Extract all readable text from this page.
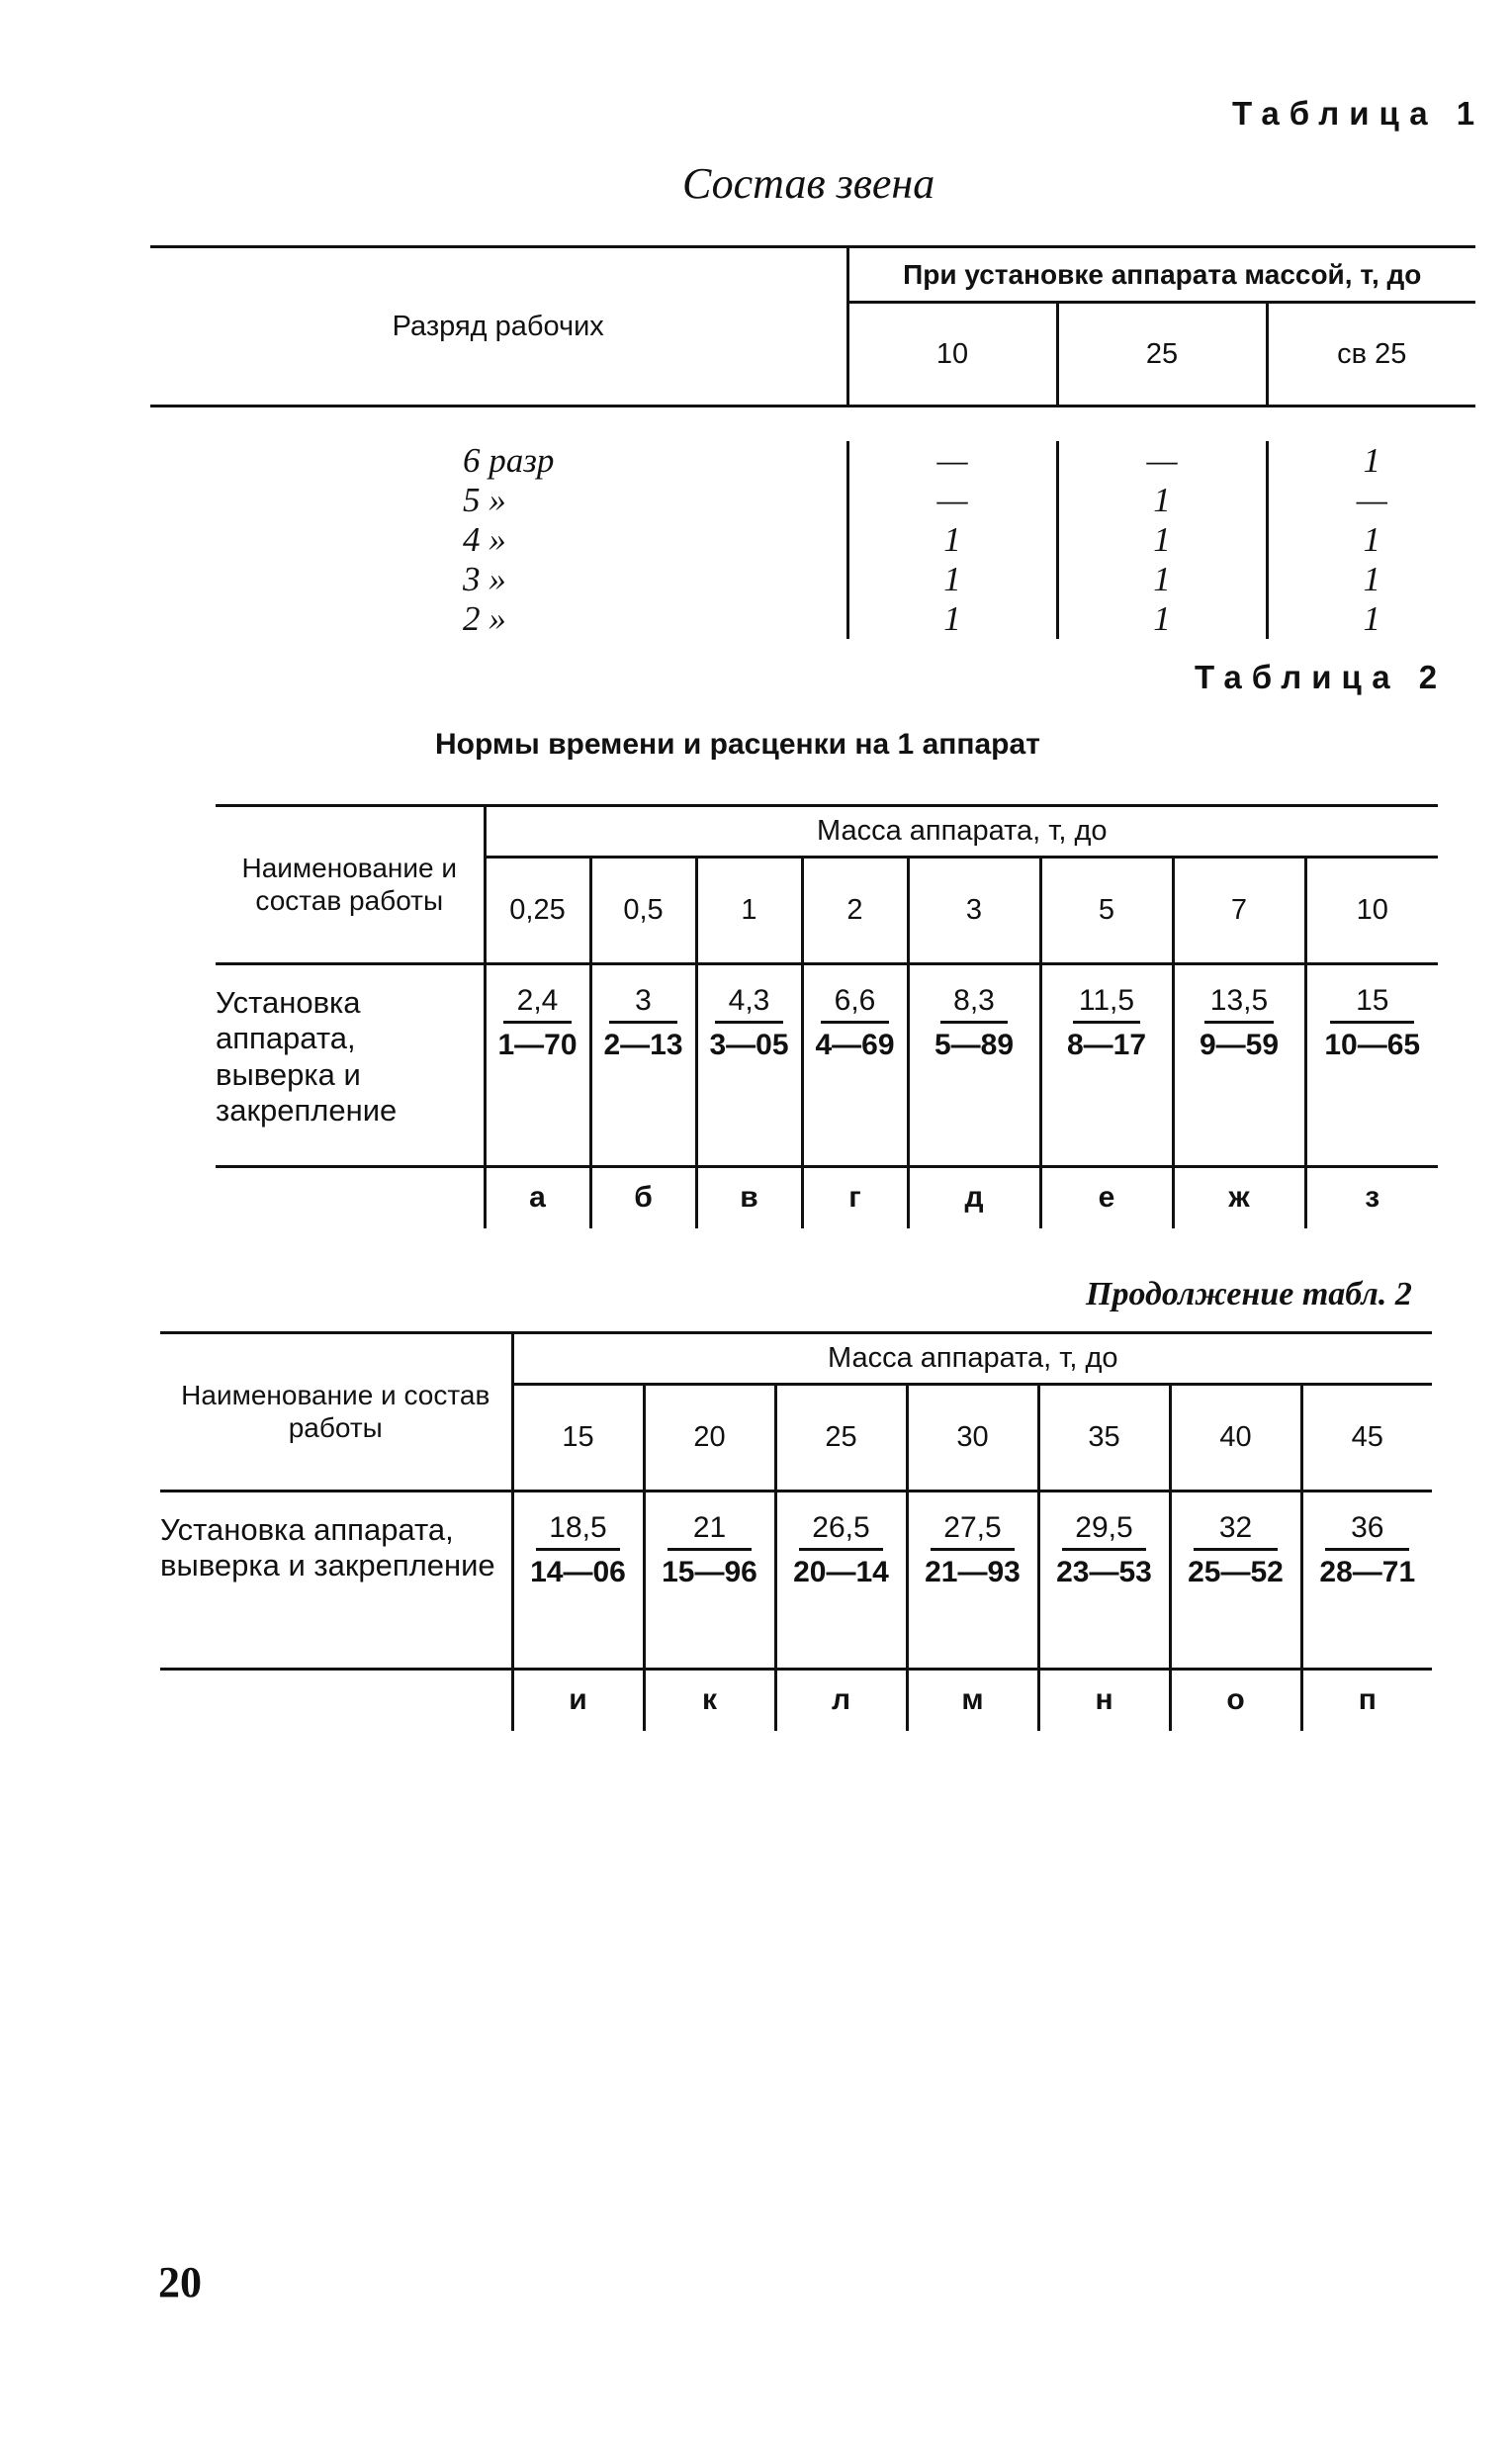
Таблица 1
Состав звена
Разряд рабочих	При установке аппарата массой, т, до		
	10	25	св 25
6 разр	—	—	1
5 »	—	1	—
4 »	1	1	1
3 »	1	1	1
2 »	1	1	1
Таблица 2
Нормы времени и расценки на 1 аппарат
Наименование и состав работы	Масса аппарата, т, до							
	0,25	0,5	1	2	3	5	7	10
Установка аппарата, выверка и закрепление	$\frac{2,4}{1—70}$	$\frac{3}{2—13}$	$\frac{4,3}{3—05}$	$\frac{6,6}{4—69}$	$\frac{8,3}{5—89}$	$\frac{11,5}{8—17}$	$\frac{13,5}{9—59}$	$\frac{15}{10—65}$

	а	б	в	г	д	е	ж	з
Продолжение табл. 2
Наименование и состав работы	Масса аппарата, т, до						
	15	20	25	30	35	40	45
Установка аппарата, выверка и закрепление	$\frac{18,5}{14—06}$	$\frac{21}{15—96}$	$\frac{26,5}{20—14}$	$\frac{27,5}{21—93}$	$\frac{29,5}{23—53}$	$\frac{32}{25—52}$	$\frac{36}{28—71}$

	и	к	л	м	н	о	п
20
